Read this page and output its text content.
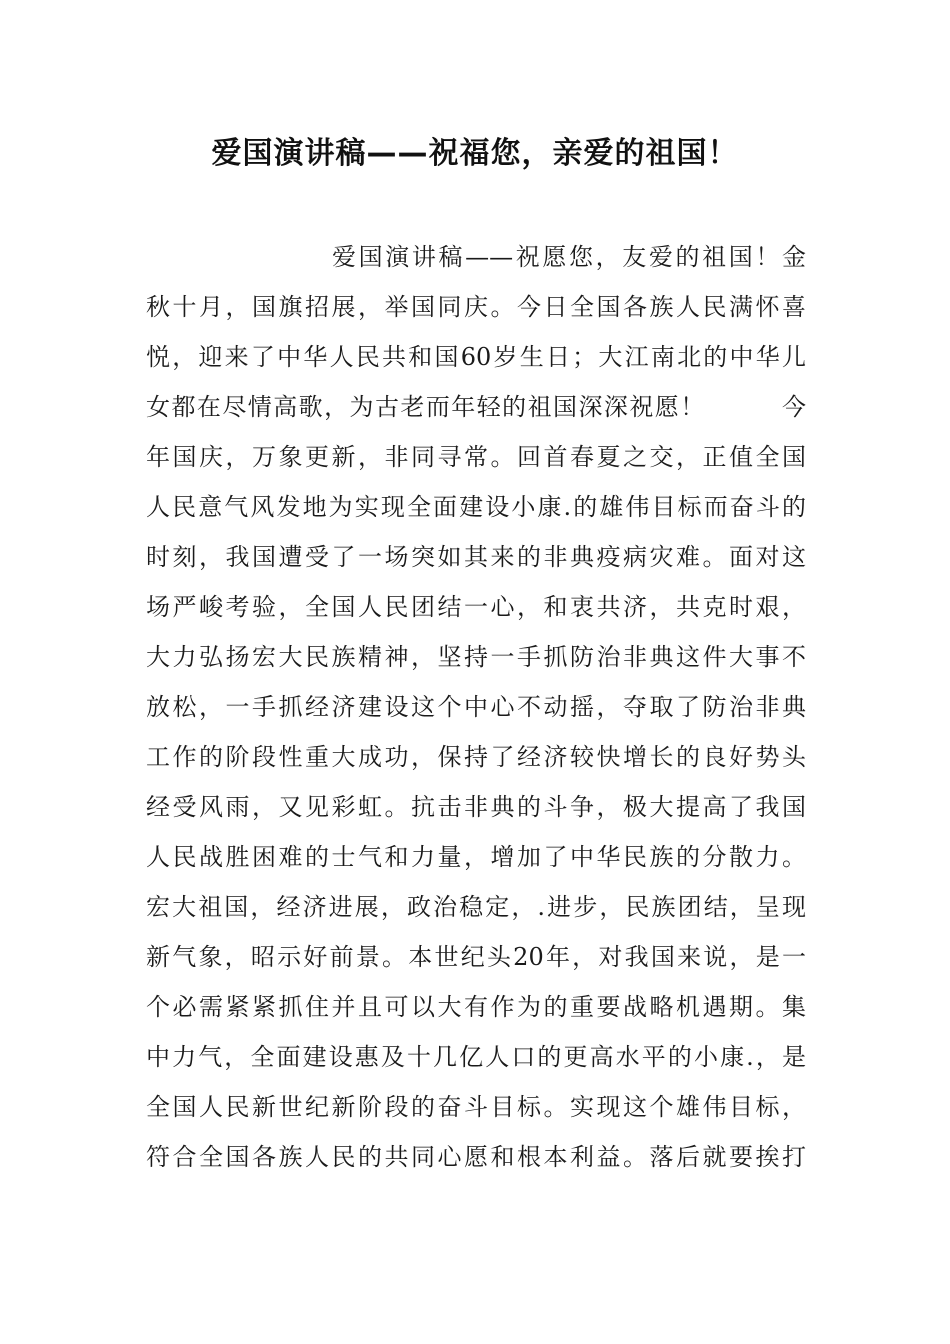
爱国演讲稿——祝福您，亲爱的祖国！
爱国演讲稿——祝愿您，友爱的祖国！金
秋十月，国旗招展，举国同庆。今日全国各族人民满怀喜
悦，迎来了中华人民共和国60岁生日；大江南北的中华儿
女都在尽情高歌，为古老而年轻的祖国深深祝愿！　　　今
年国庆，万象更新，非同寻常。回首春夏之交，正值全国
人民意气风发地为实现全面建设小康.的雄伟目标而奋斗的
时刻，我国遭受了一场突如其来的非典疫病灾难。面对这
场严峻考验，全国人民团结一心，和衷共济，共克时艰，
大力弘扬宏大民族精神，坚持一手抓防治非典这件大事不
放松，一手抓经济建设这个中心不动摇，夺取了防治非典
工作的阶段性重大成功，保持了经济较快增长的良好势头
经受风雨，又见彩虹。抗击非典的斗争，极大提高了我国
人民战胜困难的士气和力量，增加了中华民族的分散力。
宏大祖国，经济进展，政治稳定，.进步，民族团结，呈现
新气象，昭示好前景。本世纪头20年，对我国来说，是一
个必需紧紧抓住并且可以大有作为的重要战略机遇期。集
中力气，全面建设惠及十几亿人口的更高水平的小康.，是
全国人民新世纪新阶段的奋斗目标。实现这个雄伟目标，
符合全国各族人民的共同心愿和根本利益。落后就要挨打
